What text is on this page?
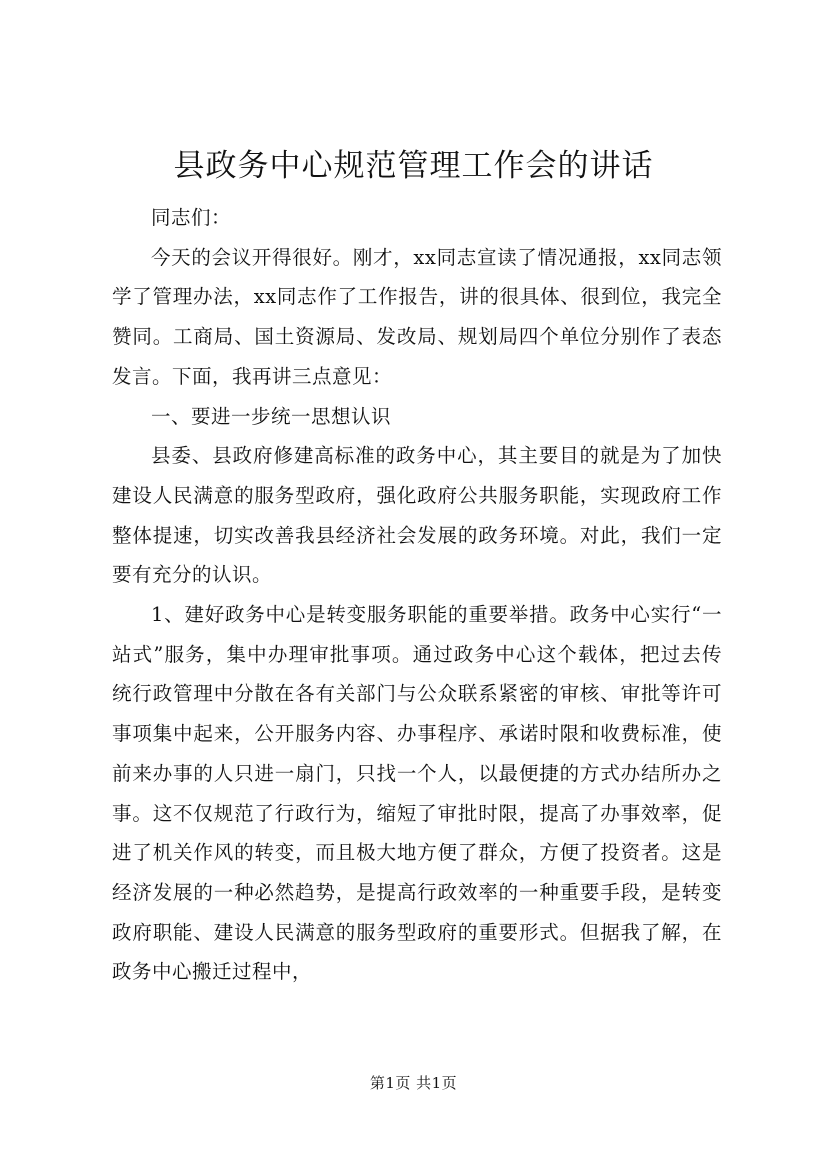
县政务中心规范管理工作会的讲话

同志们：

今天的会议开得很好。刚才，xx同志宣读了情况通报，xx同志领学了管理办法，xx同志作了工作报告，讲的很具体、很到位，我完全赞同。工商局、国土资源局、发改局、规划局四个单位分别作了表态发言。下面，我再讲三点意见：

一、要进一步统一思想认识

县委、县政府修建高标准的政务中心，其主要目的就是为了加快建设人民满意的服务型政府，强化政府公共服务职能，实现政府工作整体提速，切实改善我县经济社会发展的政务环境。对此，我们一定要有充分的认识。

1、建好政务中心是转变服务职能的重要举措。政务中心实行“一站式”服务，集中办理审批事项。通过政务中心这个载体，把过去传统行政管理中分散在各有关部门与公众联系紧密的审核、审批等许可事项集中起来，公开服务内容、办事程序、承诺时限和收费标准，使前来办事的人只进一扇门，只找一个人，以最便捷的方式办结所办之事。这不仅规范了行政行为，缩短了审批时限，提高了办事效率，促进了机关作风的转变，而且极大地方便了群众，方便了投资者。这是经济发展的一种必然趋势，是提高行政效率的一种重要手段，是转变政府职能、建设人民满意的服务型政府的重要形式。但据我了解，在政务中心搬迁过程中，

第1页 共1页
